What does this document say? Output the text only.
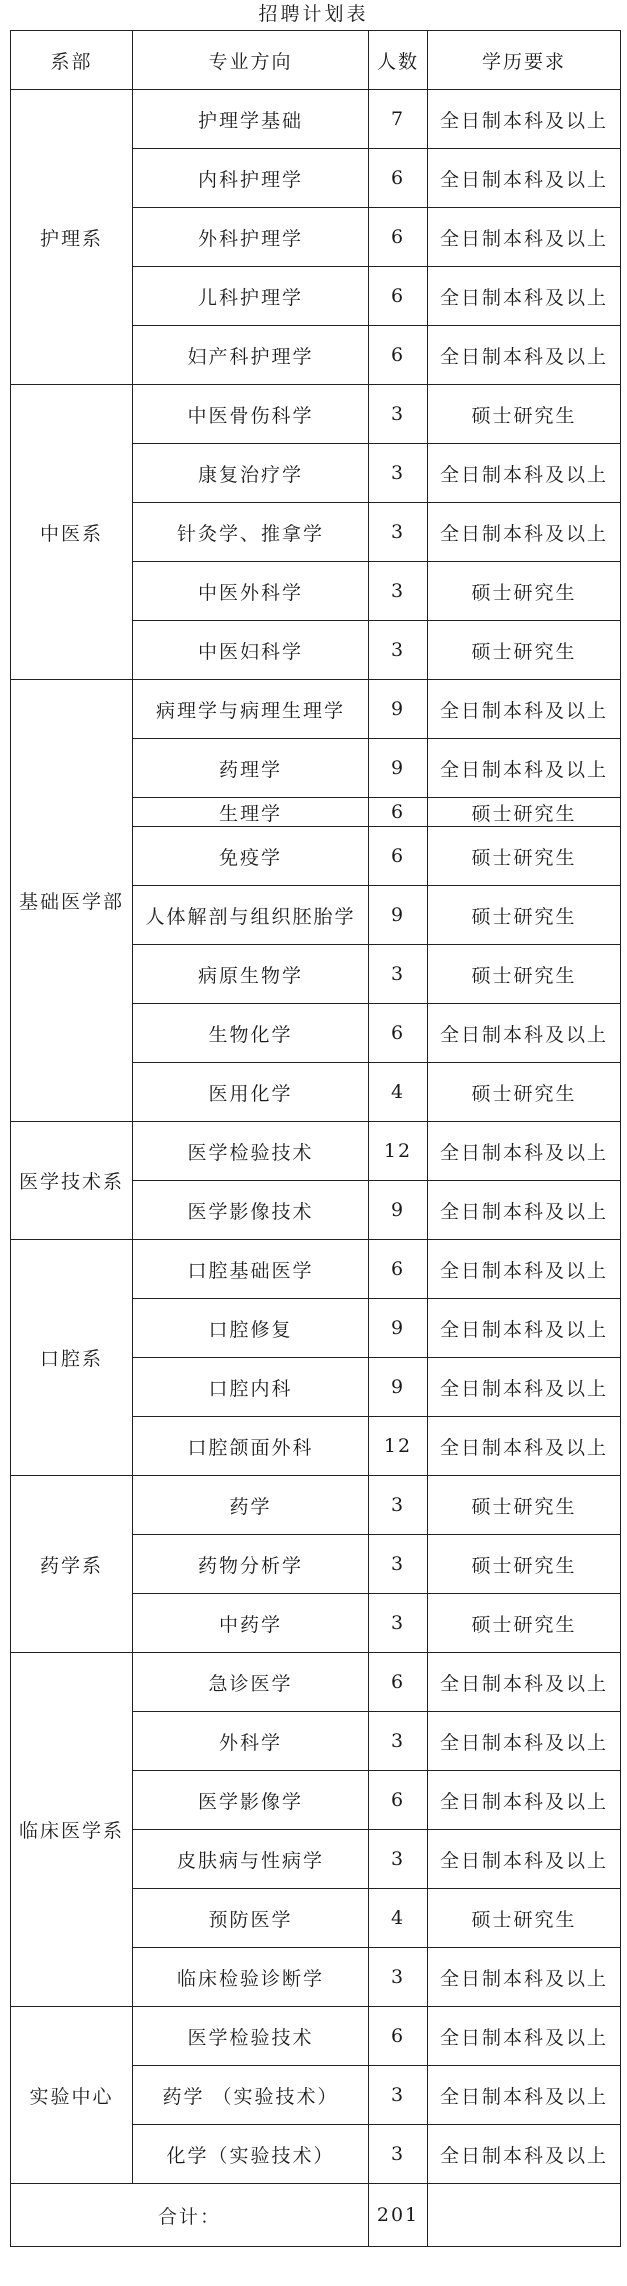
招聘计划表
系部	专业方向	人数	学历要求
护理系	护理学基础	7	全日制本科及以上
	内科护理学	6	全日制本科及以上
	外科护理学	6	全日制本科及以上
	儿科护理学	6	全日制本科及以上
	妇产科护理学	6	全日制本科及以上
中医系	中医骨伤科学	3	硕士研究生
	康复治疗学	3	全日制本科及以上
	针灸学、推拿学	3	全日制本科及以上
	中医外科学	3	硕士研究生
	中医妇科学	3	硕士研究生
基础医学部	病理学与病理生理学	9	全日制本科及以上
	药理学	9	全日制本科及以上
	生理学	6	硕士研究生
	免疫学	6	硕士研究生
	人体解剖与组织胚胎学	9	硕士研究生
	病原生物学	3	硕士研究生
	生物化学	6	全日制本科及以上
	医用化学	4	硕士研究生
医学技术系	医学检验技术	12	全日制本科及以上
	医学影像技术	9	全日制本科及以上
口腔系	口腔基础医学	6	全日制本科及以上
	口腔修复	9	全日制本科及以上
	口腔内科	9	全日制本科及以上
	口腔颌面外科	12	全日制本科及以上
药学系	药学	3	硕士研究生
	药物分析学	3	硕士研究生
	中药学	3	硕士研究生
临床医学系	急诊医学	6	全日制本科及以上
	外科学	3	全日制本科及以上
	医学影像学	6	全日制本科及以上
	皮肤病与性病学	3	全日制本科及以上
	预防医学	4	硕士研究生
	临床检验诊断学	3	全日制本科及以上
实验中心	医学检验技术	6	全日制本科及以上
	药学 （实验技术）	3	全日制本科及以上
	化学（实验技术）	3	全日制本科及以上
合计：		201	
